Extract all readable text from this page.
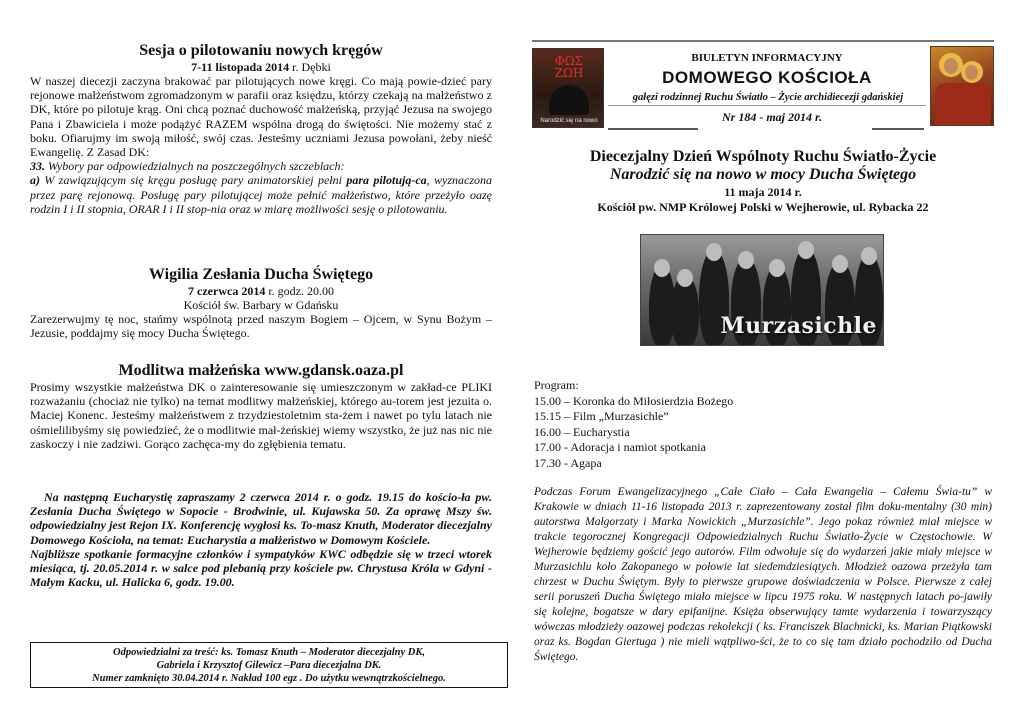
Sesja o pilotowaniu nowych kręgów
7-11 listopada 2014 r. Dębki
W naszej diecezji zaczyna brakować par pilotujących nowe kręgi. Co mają powie-dzieć pary rejonowe małżeństwom zgromadzonym w parafii oraz księdzu, którzy czekają na małżeństwo z DK, które po pilotuje krąg. Oni chcą poznać duchowość małżeńską, przyjąć Jezusa na swojego Pana i Zbawiciela i może podążyć RAZEM wspólna drogą do świętości. Nie możemy stać z boku. Ofiarujmy im swoją miłość, swój czas. Jesteśmy uczniami Jezusa powołani, żeby nieść Ewangelię. Z Zasad DK:
33. Wybory par odpowiedzialnych na poszczególnych szczeblach:
a) W zawiązującym się kręgu posługę pary animatorskiej pełni para pilotują-ca, wyznaczona przez parę rejonową. Posługę pary pilotującej może pełnić małżeństwo, które przeżyło oazę rodzin I i II stopnia, ORAR I i II stop-nia oraz w miarę możliwości sesję o pilotowaniu.
Wigilia Zesłania Ducha Świętego
7 czerwca 2014 r. godz. 20.00
Kościół św. Barbary w Gdańsku
Zarezerwujmy tę noc, stańmy wspólnotą przed naszym Bogiem – Ojcem, w Synu Bożym – Jezusie, poddajmy się mocy Ducha Świętego.
Modlitwa małżeńska www.gdansk.oaza.pl
Prosimy wszystkie małżeństwa DK o zainteresowanie się umieszczonym w zakład-ce PLIKI rozważaniu (chociaż nie tylko) na temat modlitwy małżeńskiej, którego au-torem jest jezuita o. Maciej Konenc. Jesteśmy małżeństwem z trzydziestoletnim sta-żem i nawet po tylu latach nie ośmielilibyśmy się powiedzieć, że o modlitwie mał-żeńskiej wiemy wszystko, że już nas nic nie zaskoczy i nie zadziwi. Gorąco zachęca-my do zgłębienia tematu.
Na następną Eucharystię zapraszamy 2 czerwca 2014 r. o godz. 19.15 do kościo-ła pw. Zesłania Ducha Świętego w Sopocie - Brodwinie, ul. Kujawska 50. Za oprawę Mszy św. odpowiedzialny jest Rejon IX. Konferencję wygłosi ks. To-masz Knuth, Moderator diecezjalny Domowego Kościoła, na temat: Eucharystia a małżeństwo w Domowym Kościele.
Najbliższe spotkanie formacyjne członków i sympatyków KWC odbędzie się w trzeci wtorek miesiąca, tj. 20.05.2014 r. w salce pod plebanią przy kościele pw. Chrystusa Króla w Gdyni - Małym Kacku, ul. Halicka 6, godz. 19.00.
Odpowiedzialni za treść: ks. Tomasz Knuth – Moderator diecezjalny DK,
Gabriela i Krzysztof Gilewicz –Para diecezjalna DK.
Numer zamknięto 30.04.2014 r. Nakład 100 egz . Do użytku wewnątrzkościelnego.
ΦΩΣ ΖΩΗ
Narodzić się na nowo
BIULETYN INFORMACYJNY
DOMOWEGO KOŚCIOŁA
gałęzi rodzinnej Ruchu Światło – Życie archidiecezji gdańskiej
Nr 184 - maj 2014 r.
Diecezjalny Dzień Wspólnoty Ruchu Światło-Życie
Narodzić się na nowo w mocy Ducha Świętego
11 maja 2014 r.
Kościół pw. NMP Królowej Polski w Wejherowie, ul. Rybacka 22
Murzasichle
Program:
15.00 – Koronka do Miłosierdzia Bożego
15.15 – Film „Murzasichle”
16.00 – Eucharystia
17.00 - Adoracja i namiot spotkania
17.30 - Agapa
Podczas Forum Ewangelizacyjnego „Całe Ciało – Cała Ewangelia – Całemu Świa-tu” w Krakowie w dniach 11-16 listopada 2013 r. zaprezentowany został film doku-mentalny (30 min) autorstwa Małgorzaty i Marka Nowickich „Murzasichle”. Jego pokaz również miał miejsce w trakcie tegorocznej Kongregacji Odpowiedzialnych Ruchu Światło-Życie w Częstochowie. W Wejherowie będziemy gościć jego autorów. Film odwołuje się do wydarzeń jakie miały miejsce w Murzasichlu koło Zakopanego w połowie lat siedemdziesiątych. Młodzież oazowa przeżyła tam chrzest w Duchu Świętym. Były to pierwsze grupowe doświadczenia w Polsce. Pierwsze z całej serii poruszeń Ducha Świętego miało miejsce w lipcu 1975 roku. W następnych latach po-jawiły się kolejne, bogatsze w dary epifanijne. Księża obserwujący tamte wydarzenia i towarzyszący wówczas młodzieży oazowej podczas rekolekcji ( ks. Franciszek Blachnicki, ks. Marian Piątkowski oraz ks. Bogdan Giertuga ) nie mieli wątpliwo-ści, że to co się tam działo pochodziło od Ducha Świętego.
